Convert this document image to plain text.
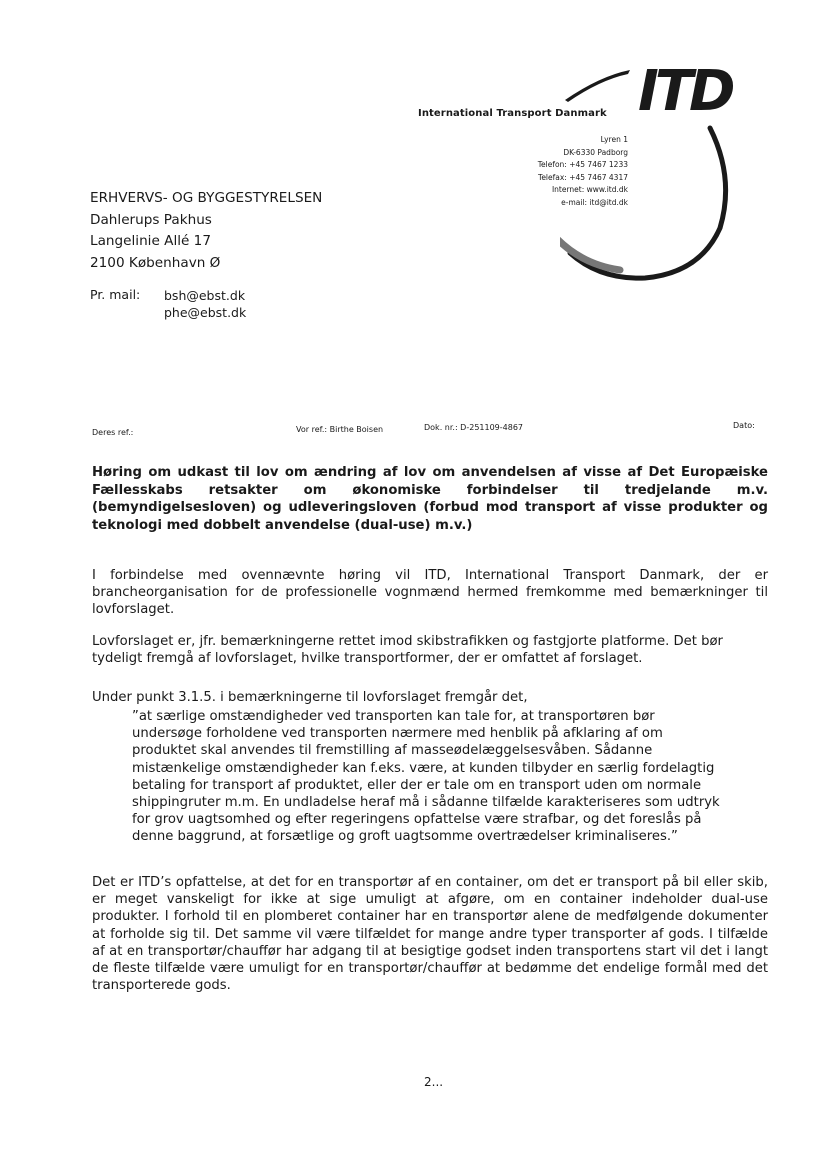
International Transport Danmark ITD
Lyren 1
DK-6330 Padborg
Telefon: +45 7467 1233
Telefax: +45 7467 4317
Internet: www.itd.dk
e-mail: itd@itd.dk
ERHVERVS- OG BYGGESTYRELSEN
Dahlerups Pakhus
Langelinie Allé 17
2100 København Ø
Pr. mail: bsh@ebst.dk
phe@ebst.dk
Deres ref.:	Vor ref.: Birthe Boisen	Dok. nr.: D-251109-4867	Dato:
Høring om udkast til lov om ændring af lov om anvendelsen af visse af Det Europæiske Fællesskabs retsakter om økonomiske forbindelser til tredjelande m.v. (bemyndigelsesloven) og udleveringsloven (forbud mod transport af visse produkter og teknologi med dobbelt anvendelse (dual-use) m.v.)
I forbindelse med ovennævnte høring vil ITD, International Transport Danmark, der er brancheorganisation for de professionelle vognmænd hermed fremkomme med bemærkninger til lovforslaget.
Lovforslaget er, jfr. bemærkningerne rettet imod skibstrafikken og fastgjorte platforme. Det bør tydeligt fremgå af lovforslaget, hvilke transportformer, der er omfattet af forslaget.
Under punkt 3.1.5. i bemærkningerne til lovforslaget fremgår det,
”at særlige omstændigheder ved transporten kan tale for, at transportøren bør undersøge forholdene ved transporten nærmere med henblik på afklaring af om produktet skal anvendes til fremstilling af masseødelæggelsesvåben. Sådanne mistænkelige omstændigheder kan f.eks. være, at kunden tilbyder en særlig fordelagtig betaling for transport af produktet, eller der er tale om en transport uden om normale shippingruter m.m. En undladelse heraf må i sådanne tilfælde karakteriseres som udtryk for grov uagtsomhed og efter regeringens opfattelse være strafbar, og det foreslås på denne baggrund, at forsætlige og groft uagtsomme overtrædelser kriminaliseres.”
Det er ITD’s opfattelse, at det for en transportør af en container, om det er transport på bil eller skib, er meget vanskeligt for ikke at sige umuligt at afgøre, om en container indeholder dual-use produkter. I forhold til en plomberet container har en transportør alene de medfølgende dokumenter at forholde sig til. Det samme vil være tilfældet for mange andre typer transporter af gods. I tilfælde af at en transportør/chauffør har adgang til at besigtige godset inden transportens start vil det i langt de fleste tilfælde være umuligt for en transportør/chauffør at bedømme det endelige formål med det transporterede gods.
2...
